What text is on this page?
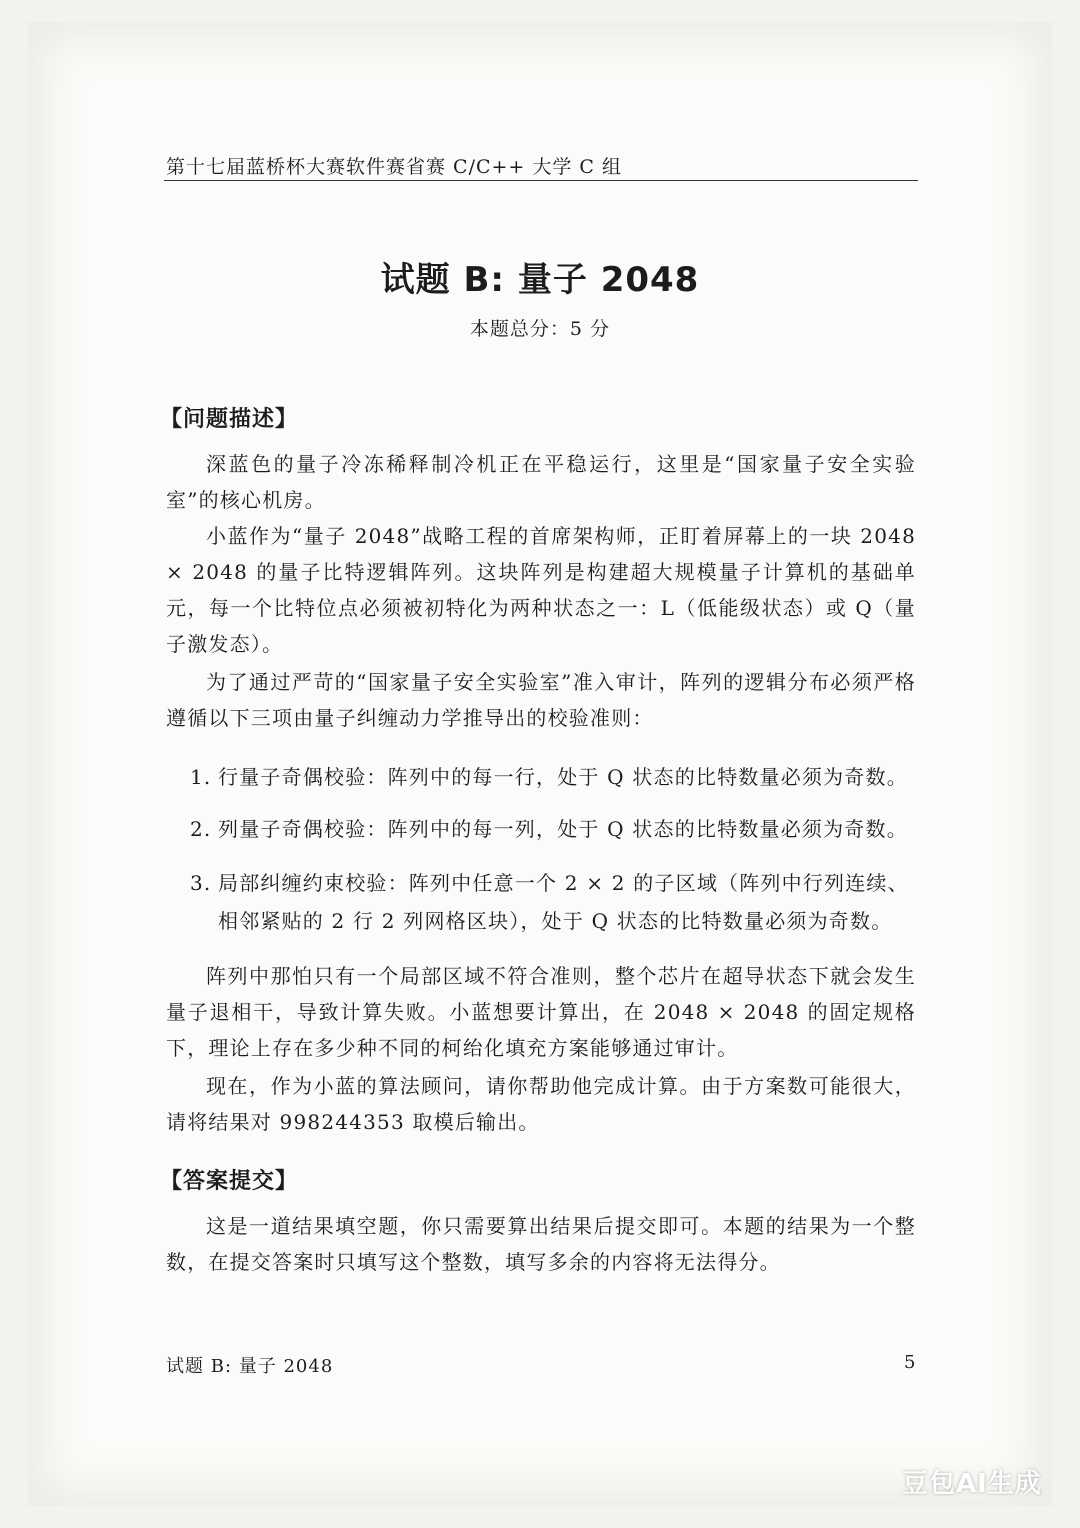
第十七届蓝桥杯大赛软件赛省赛 C/C++ 大学 C 组
试题 B: 量子 2048
本题总分：5 分
【问题描述】
深蓝色的量子冷冻稀释制冷机正在平稳运行，这里是“国家量子安全实验室”的核心机房。
小蓝作为“量子 2048”战略工程的首席架构师，正盯着屏幕上的一块 2048 × 2048 的量子比特逻辑阵列。这块阵列是构建超大规模量子计算机的基础单元，每一个比特位点必须被初特化为两种状态之一：L（低能级状态）或 Q（量子激发态）。
为了通过严苛的“国家量子安全实验室”准入审计，阵列的逻辑分布必须严格遵循以下三项由量子纠缠动力学推导出的校验准则：
1. 行量子奇偶校验：阵列中的每一行，处于 Q 状态的比特数量必须为奇数。
2. 列量子奇偶校验：阵列中的每一列，处于 Q 状态的比特数量必须为奇数。
3. 局部纠缠约束校验：阵列中任意一个 2 × 2 的子区域（阵列中行列连续、相邻紧贴的 2 行 2 列网格区块），处于 Q 状态的比特数量必须为奇数。
阵列中那怕只有一个局部区域不符合准则，整个芯片在超导状态下就会发生量子退相干，导致计算失败。小蓝想要计算出，在 2048 × 2048 的固定规格下，理论上存在多少种不同的柯绐化填充方案能够通过审计。
现在，作为小蓝的算法顾问，请你帮助他完成计算。由于方案数可能很大，请将结果对 998244353 取模后输出。
【答案提交】
这是一道结果填空题，你只需要算出结果后提交即可。本题的结果为一个整数，在提交答案时只填写这个整数，填写多余的内容将无法得分。
试题 B: 量子 2048	5
豆包AI生成
